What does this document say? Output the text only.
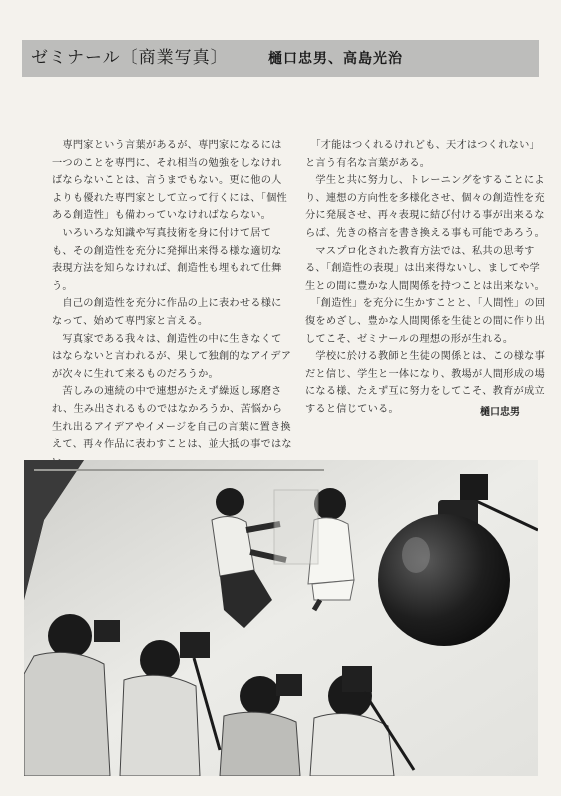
ゼミナール〔商業写真〕	樋口忠男、高島光治

　専門家という言葉があるが、専門家になるには一つのことを専門に、それ相当の勉強をしなければならないことは、言うまでもない。更に他の人よりも優れた専門家として立って行くには、「個性ある創造性」も備わっていなければならない。

　いろいろな知識や写真技術を身に付けて居ても、その創造性を充分に発揮出来得る様な適切な表現方法を知らなければ、創造性も埋もれて仕舞う。

　自己の創造性を充分に作品の上に表わせる様になって、始めて専門家と言える。

　写真家である我々は、創造性の中に生きなくてはならないと言われるが、果して独創的なアイデアが次々に生れて来るものだろうか。

　苦しみの連続の中で連想がたえず繰返し琢磨され、生み出されるものではなかろうか、苦悩から生れ出るアイデアやイメージを自己の言葉に置き換えて、再々作品に表わすことは、並大抵の事ではな

　「才能はつくれるけれども、天才はつくれない」と言う有名な言葉がある。

　学生と共に努力し、トレーニングをすることにより、連想の方向性を多様化させ、個々の創造性を充分に発展させ、再々表現に結び付ける事が出来るならば、先きの格言を書き換える事も可能であろう。

　マスプロ化された教育方法では、私共の思考する、「創造性の表現」は出来得ないし、ましてや学生との間に豊かな人間関係を持つことは出来ない。

　「創造性」を充分に生かすことと、「人間性」の回復をめざし、豊かな人間関係を生徒との間に作り出してこそ、ゼミナールの理想の形が生れる。

　学校に於ける教師と生徒の関係とは、この様な事だと信じ、学生と一体になり、教場が人間形成の場になる様、たえず互に努力をしてこそ、教育が成立すると信じている。	樋口忠男
